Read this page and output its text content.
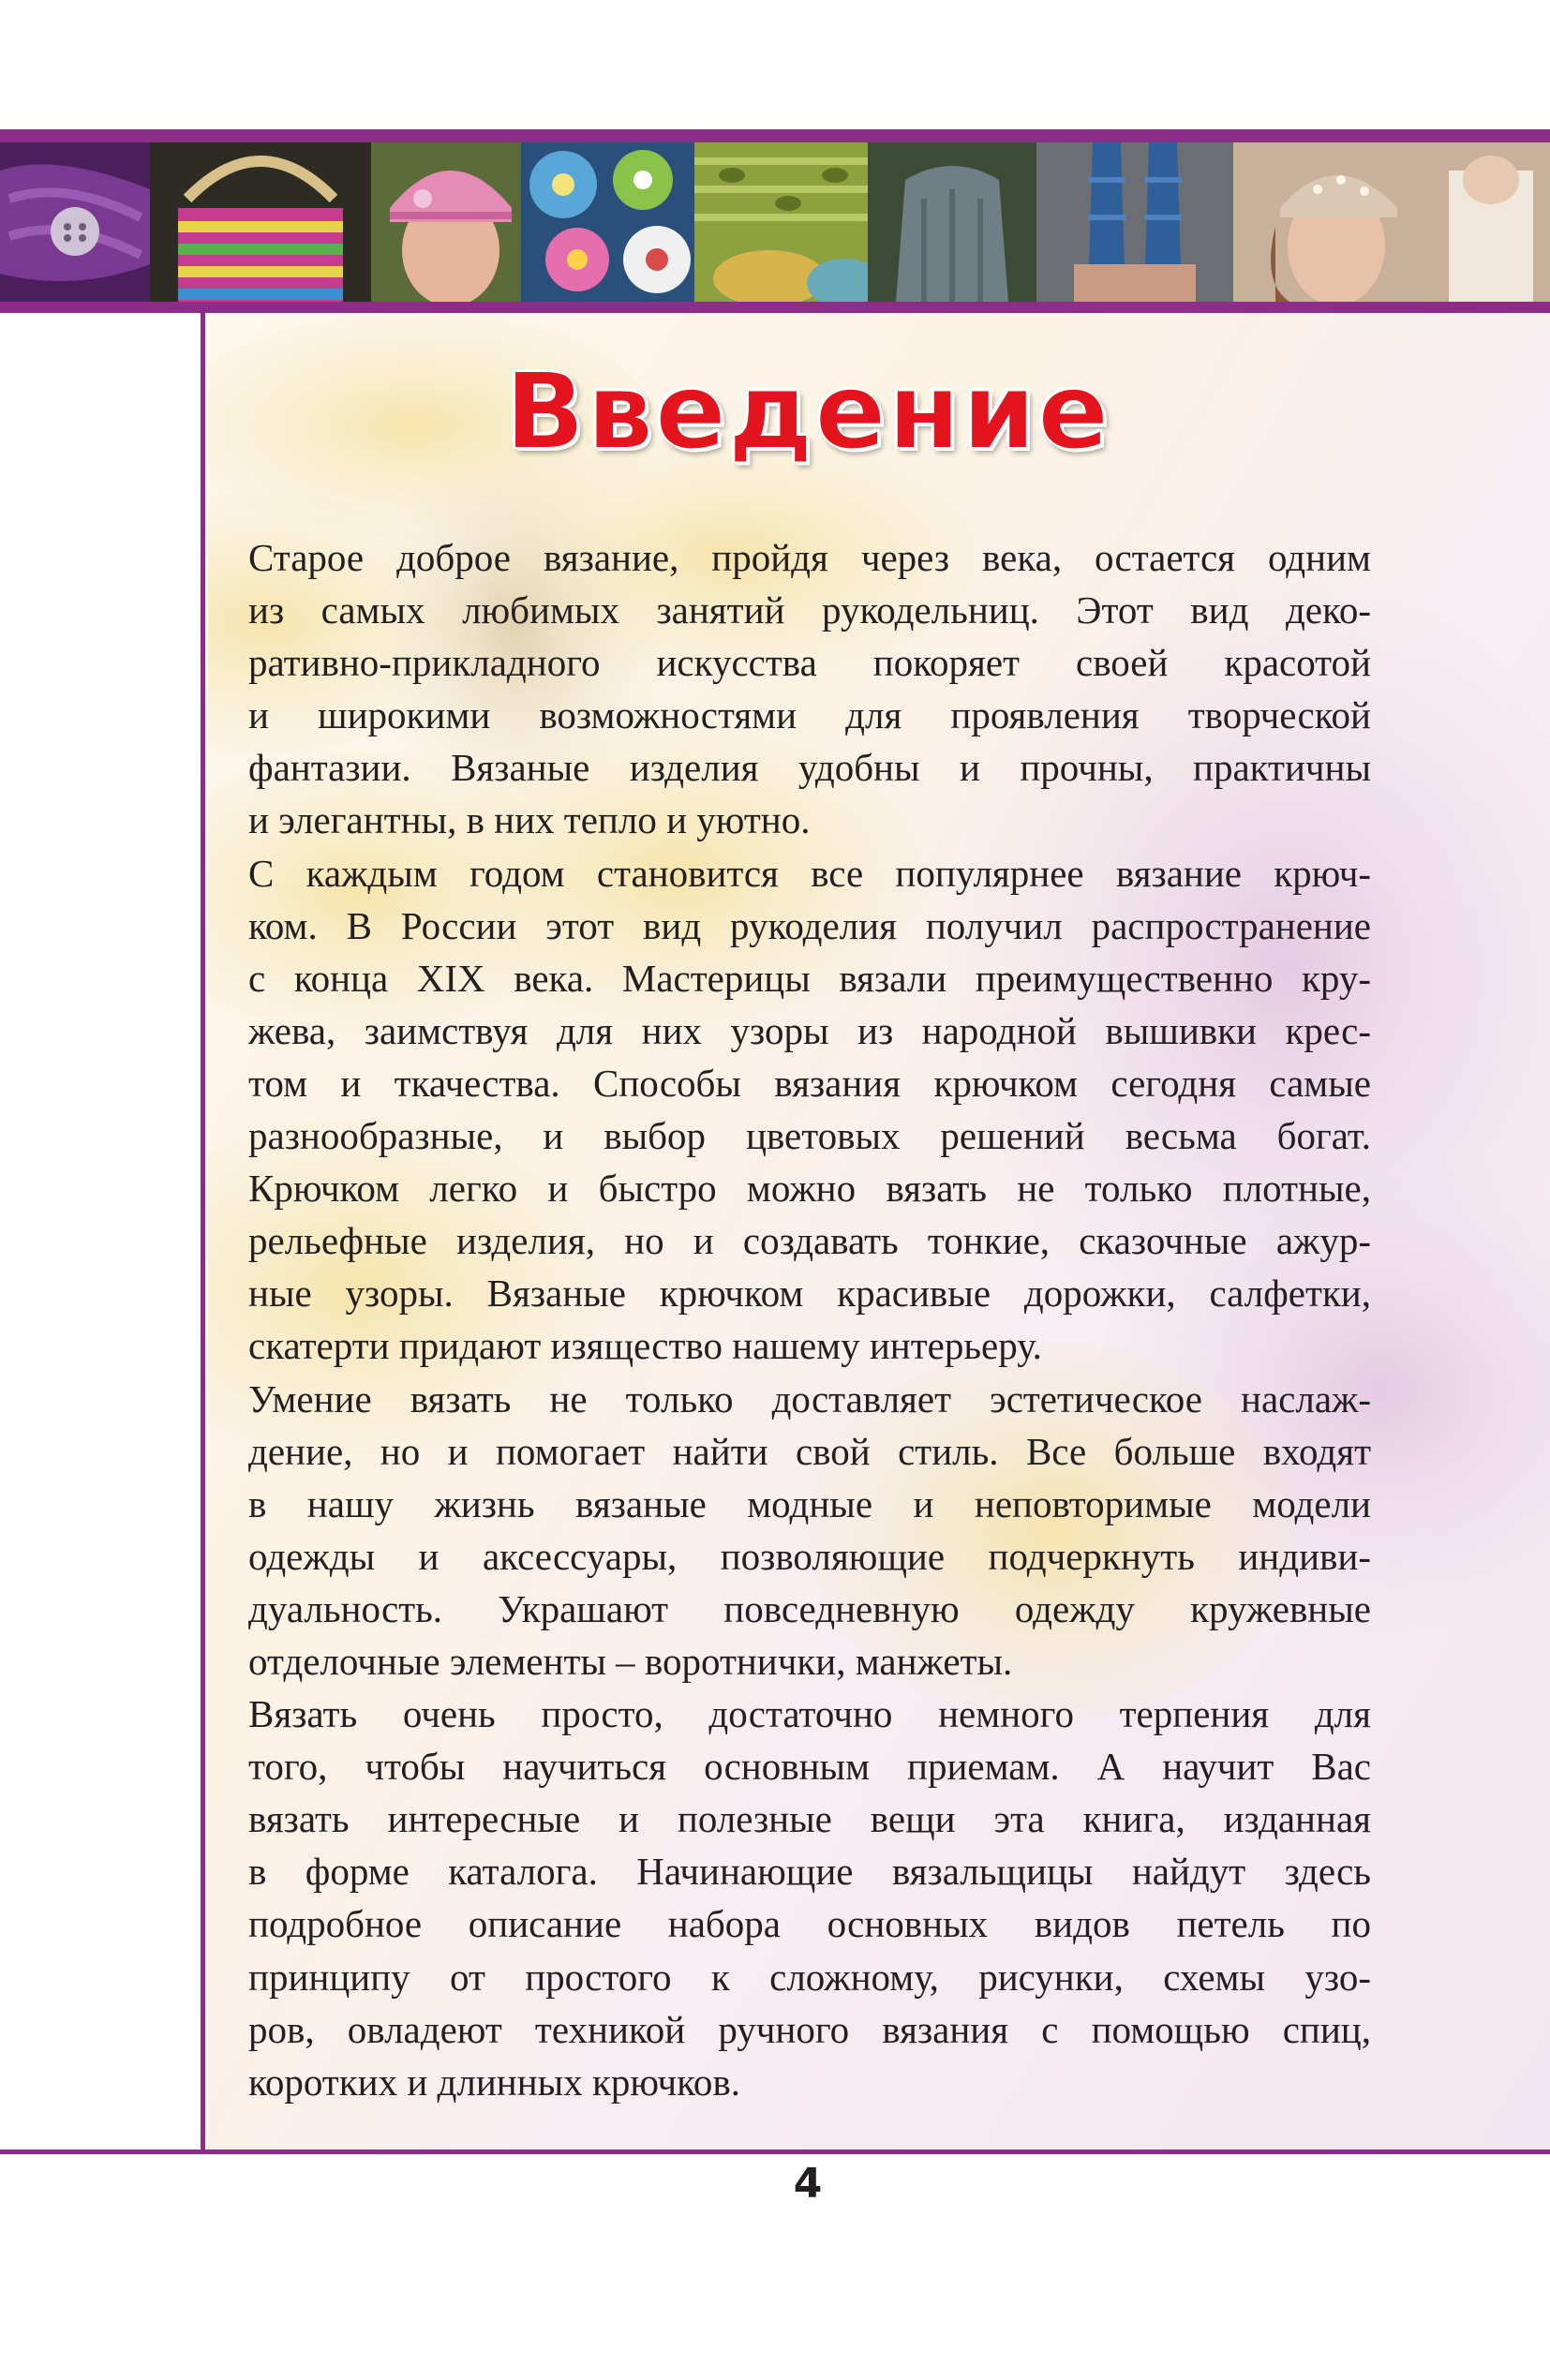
Введение
Старое доброе вязание, пройдя через века, остается одним
из самых любимых занятий рукодельниц. Этот вид деко-
ративно-прикладного искусства покоряет своей красотой
и широкими возможностями для проявления творческой
фантазии. Вязаные изделия удобны и прочны, практичны
и элегантны, в них тепло и уютно.
С каждым годом становится все популярнее вязание крюч-
ком. В России этот вид рукоделия получил распространение
с конца XIX века. Мастерицы вязали преимущественно кру-
жева, заимствуя для них узоры из народной вышивки крес-
том и ткачества. Способы вязания крючком сегодня самые
разнообразные, и выбор цветовых решений весьма богат.
Крючком легко и быстро можно вязать не только плотные,
рельефные изделия, но и создавать тонкие, сказочные ажур-
ные узоры. Вязаные крючком красивые дорожки, салфетки,
скатерти придают изящество нашему интерьеру.
Умение вязать не только доставляет эстетическое наслаж-
дение, но и помогает найти свой стиль. Все больше входят
в нашу жизнь вязаные модные и неповторимые модели
одежды и аксессуары, позволяющие подчеркнуть индиви-
дуальность. Украшают повседневную одежду кружевные
отделочные элементы – воротнички, манжеты.
Вязать очень просто, достаточно немного терпения для
того, чтобы научиться основным приемам. А научит Вас
вязать интересные и полезные вещи эта книга, изданная
в форме каталога. Начинающие вязальщицы найдут здесь
подробное описание набора основных видов петель по
принципу от простого к сложному, рисунки, схемы узо-
ров, овладеют техникой ручного вязания с помощью спиц,
коротких и длинных крючков.
4
